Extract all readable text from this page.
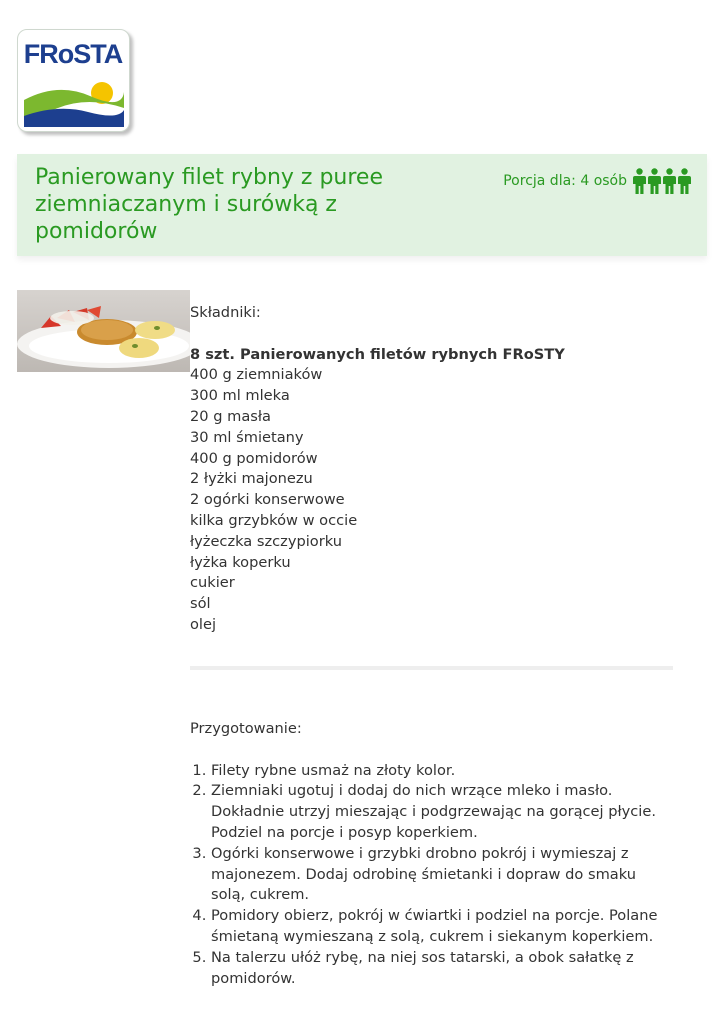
FRoSTA
Panierowany filet rybny z puree ziemniaczanym i surówką z pomidorów
Porcja dla: 4 osób

Składniki:

8 szt. Panierowanych filetów rybnych FRoSTY

400 g ziemniaków
300 ml mleka
20 g masła
30 ml śmietany
400 g pomidorów
2 łyżki majonezu
2 ogórki konserwowe
kilka grzybków w occie
łyżeczka szczypiorku
łyżka koperku
cukier
sól
olej

Przygotowanie:

1. Filety rybne usmaż na złoty kolor.
2. Ziemniaki ugotuj i dodaj do nich wrzące mleko i masło. Dokładnie utrzyj mieszając i podgrzewając na gorącej płycie. Podziel na porcje i posyp koperkiem.
3. Ogórki konserwowe i grzybki drobno pokrój i wymieszaj z majonezem. Dodaj odrobinę śmietanki i dopraw do smaku solą, cukrem.
4. Pomidory obierz, pokrój w ćwiartki i podziel na porcje. Polane śmietaną wymieszaną z solą, cukrem i siekanym koperkiem.
5. Na talerzu ułóż rybę, na niej sos tatarski, a obok sałatkę z pomidorów.
